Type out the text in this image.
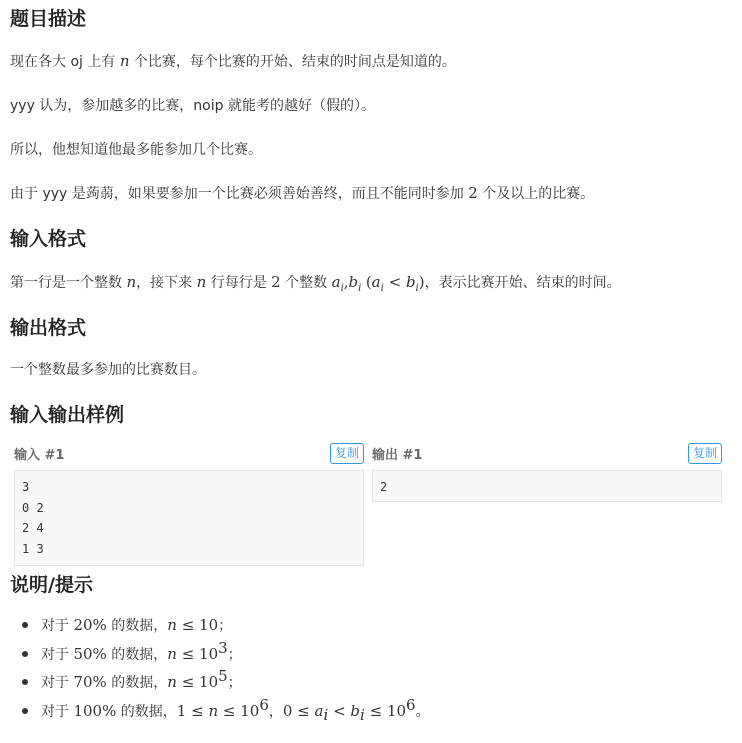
题目描述

现在各大 oj 上有 n 个比赛，每个比赛的开始、结束的时间点是知道的。

yyy 认为，参加越多的比赛，noip 就能考的越好（假的）。

所以，他想知道他最多能参加几个比赛。

由于 yyy 是蒟蒻，如果要参加一个比赛必须善始善终，而且不能同时参加 2 个及以上的比赛。

输入格式

第一行是一个整数 n，接下来 n 行每行是 2 个整数 $a_i,b_i$ $(a_i < b_i)$，表示比赛开始、结束的时间。

输出格式

一个整数最多参加的比赛数目。

输入输出样例
输入 #1	复制
3
0 2
2 4
1 3
输出 #1	复制
2
说明/提示
对于 20% 的数据，n ≤ 10；
对于 50% 的数据，$n \le 10^3$；
对于 70% 的数据，$n \le 10^5$；
对于 100% 的数据，$1 \le n \le 10^6$，$0 \le a_i < b_i \le 10^6$。
